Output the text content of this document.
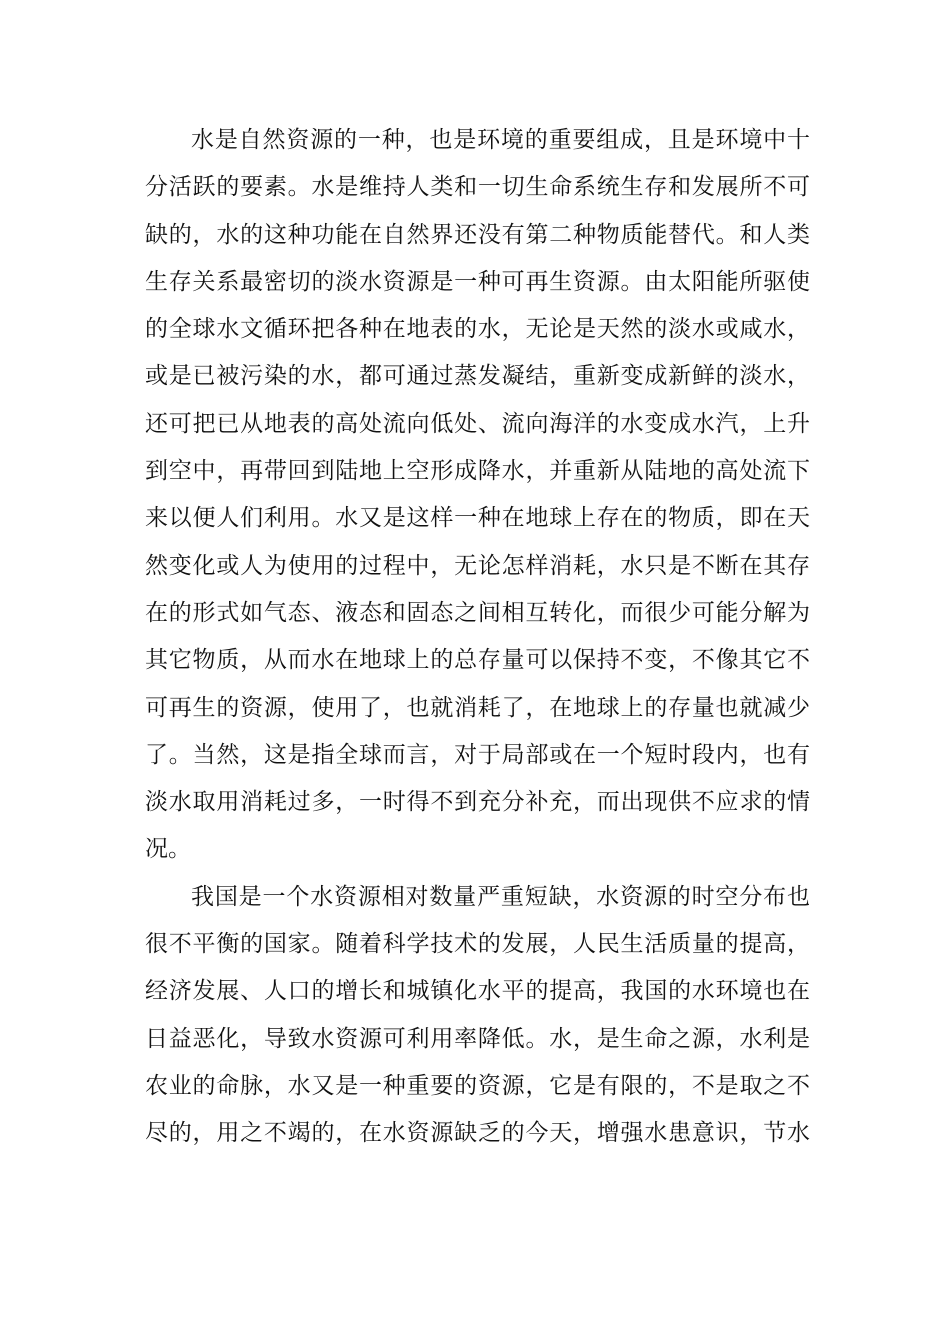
水是自然资源的一种，也是环境的重要组成，且是环境中十
分活跃的要素。水是维持人类和一切生命系统生存和发展所不可
缺的，水的这种功能在自然界还没有第二种物质能替代。和人类
生存关系最密切的淡水资源是一种可再生资源。由太阳能所驱使
的全球水文循环把各种在地表的水，无论是天然的淡水或咸水，
或是已被污染的水，都可通过蒸发凝结，重新变成新鲜的淡水，
还可把已从地表的高处流向低处、流向海洋的水变成水汽，上升
到空中，再带回到陆地上空形成降水，并重新从陆地的高处流下
来以便人们利用。水又是这样一种在地球上存在的物质，即在天
然变化或人为使用的过程中，无论怎样消耗，水只是不断在其存
在的形式如气态、液态和固态之间相互转化，而很少可能分解为
其它物质，从而水在地球上的总存量可以保持不变，不像其它不
可再生的资源，使用了，也就消耗了，在地球上的存量也就减少
了。当然，这是指全球而言，对于局部或在一个短时段内，也有
淡水取用消耗过多，一时得不到充分补充，而出现供不应求的情
况。
我国是一个水资源相对数量严重短缺，水资源的时空分布也
很不平衡的国家。随着科学技术的发展，人民生活质量的提高，
经济发展、人口的增长和城镇化水平的提高，我国的水环境也在
日益恶化，导致水资源可利用率降低。水，是生命之源，水利是
农业的命脉，水又是一种重要的资源，它是有限的，不是取之不
尽的，用之不竭的，在水资源缺乏的今天，增强水患意识，节水
